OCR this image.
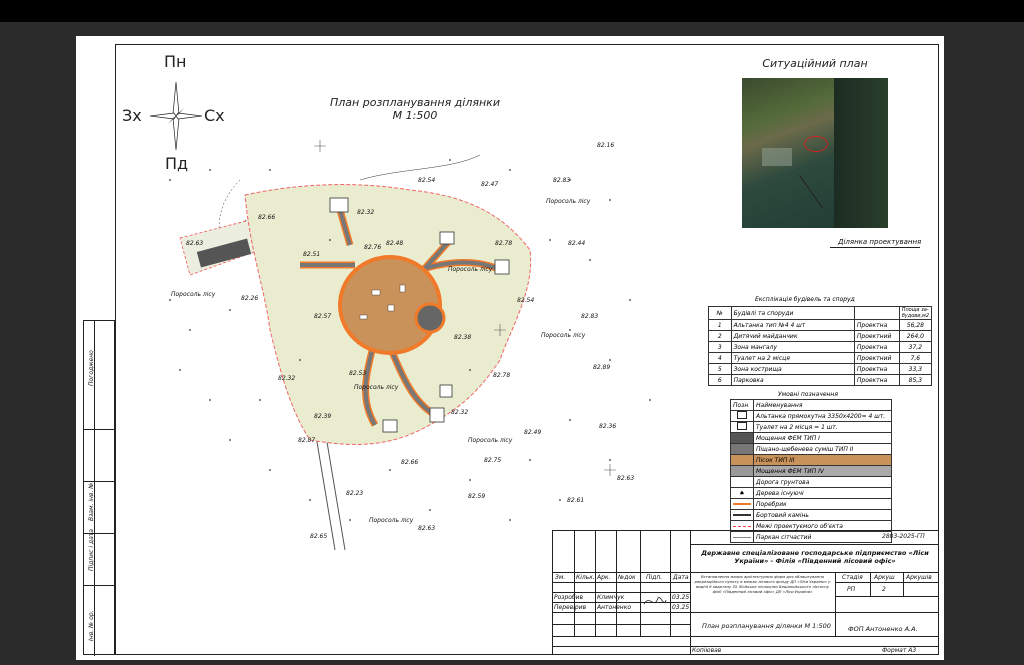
Погоджено
Інв. № ор.
Підпис і дата
Взам. інв. №
Пн
Пд
Зх	Сх
План розпланування ділянки
М 1:500
82.16
82.54
82.47
82.83
82.66
82.32
82.76
82.48	82.78	82.44
82.63
82.26
82.51
82.57
82.38
82.54
82.83
82.89
82.78
82.32
82.53
82.39
82.87
82.32
82.49
82.36
82.75
82.66
82.63
82.59
82.61
82.23
82.63
82.65
Поросоль лісу
Поросоль лісу
Поросоль лісу
Поросоль лісу
Поросоль лісу
Поросоль лісу
Поросоль лісу
Ситуаційний план
Ділянка проектування
Експлікація будівель та споруд
№	Будівлі та споруди		Площа за- будови,м2
1	Альтанка тип №4 4 шт	Проектна	56,28
2	Дитячий майданчик	Проектний	264,0
3	Зона мангалу	Проектна	37,2
4	Туалет на 2 місця	Проектний	7,6
5	Зона кострища	Проектна	33,3
6	Парковка	Проектна	85,3
Умовні позначення
Позн	Найменування
	Альтанка прямокутна 3350х4200= 4 шт.
	Туалет на 2 місця = 1 шт.
	Мощення ФЕМ ТИП І
	Піщано-щебенева суміш ТИП ІІ
	Пісок ТИП ІІІ
	Мощення ФЕМ ТИП IV
	Дорога грунтова
♠	Дерева існуючі

	Поребрик

	Бортовий камінь

	Межі проектуємого об'єкта

	Паркан сітчастий	2803-2025-ГП
Державне спеціалізоване господарське підприємство «Ліси України» - Філія «Південний лісовий офіс»
Зм. Кільк. Арк. №док Підп. Дата
Розробив Климчук	03.25
Перевірив Антоненко	03.25
Встановлення малих архітектурних форм для облаштування рекреаційного пункту в межах лісового фонду ДП «Ліси України» у виділі 8 кварталу 35 Лісівське лісництво Бешанківського лісгоспу філії «Південний лісовий офіс» ДП «Ліси України»
Стадія Аркуш Аркушів
РП	2
План розпланування ділянки М 1:500	ФОП Антоненко А.А.
Копіював	Формат А3
